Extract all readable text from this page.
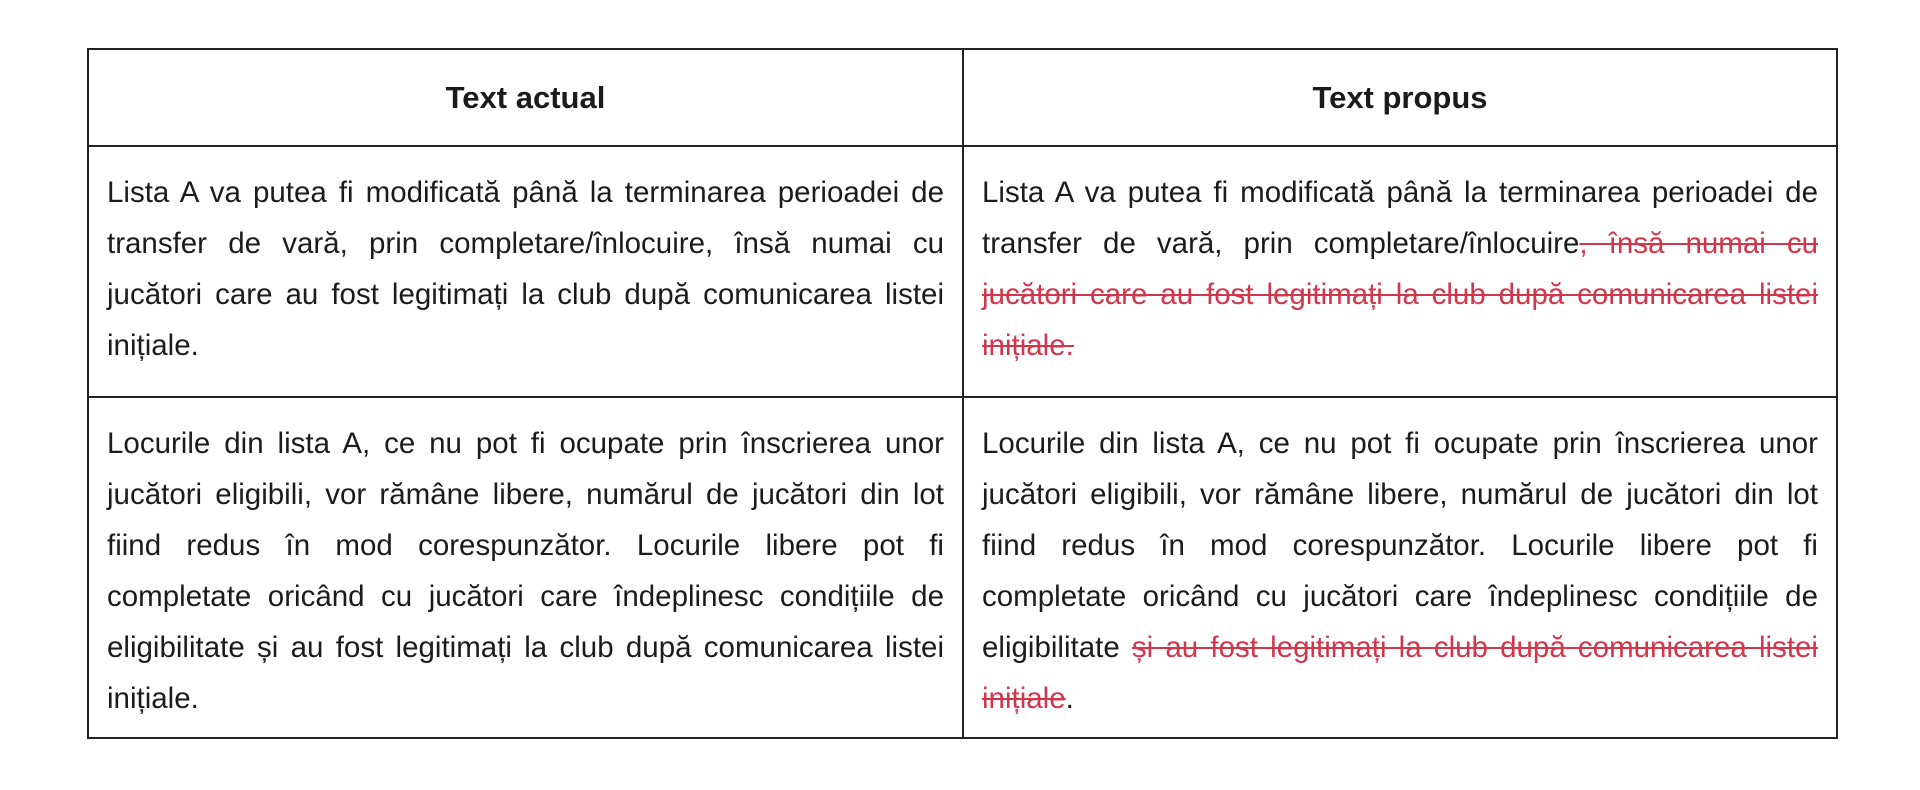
Text actual	Text propus
Lista A va putea fi modificată până la terminarea perioadei de transfer de vară, prin completare/înlocuire, însă numai cu jucători care au fost legitimați la club după comunicarea listei inițiale.
Lista A va putea fi modificată până la terminarea perioadei de transfer de vară, prin completare/înlocuire, însă numai cu jucători care au fost legitimați la club după comunicarea listei inițiale.
Locurile din lista A, ce nu pot fi ocupate prin înscrierea unor jucători eligibili, vor rămâne libere, numărul de jucători din lot fiind redus în mod corespunzător. Locurile libere pot fi completate oricând cu jucători care îndeplinesc condițiile de eligibilitate și au fost legitimați la club după comunicarea listei inițiale.
Locurile din lista A, ce nu pot fi ocupate prin înscrierea unor jucători eligibili, vor rămâne libere, numărul de jucători din lot fiind redus în mod corespunzător. Locurile libere pot fi completate oricând cu jucători care îndeplinesc condițiile de eligibilitate și au fost legitimați la club după comunicarea listei inițiale.
